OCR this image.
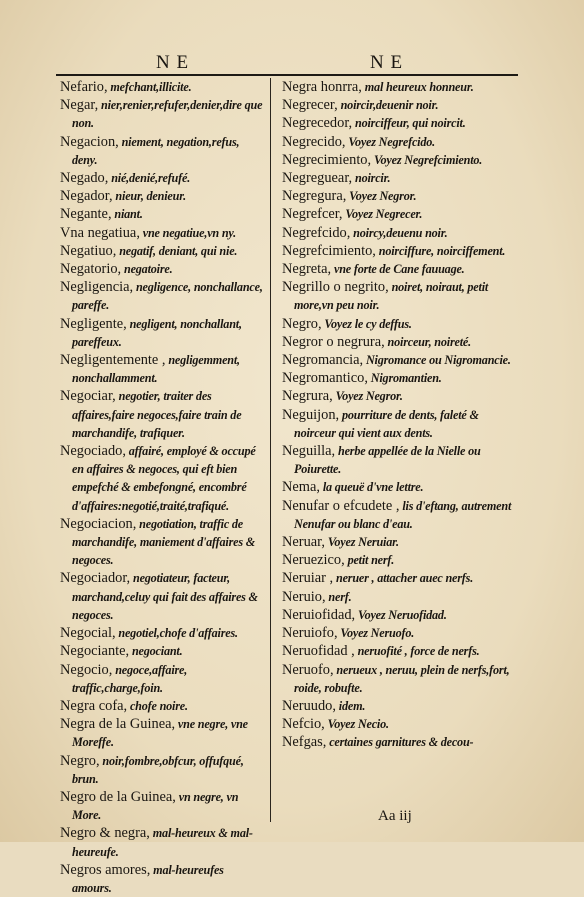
N E	N E

Nefario, mefchant,illicite.

Negar, nier,renier,refufer,denier,dire que non.

Negacion, niement, negation,refus, deny.

Negado, nié,denié,refufé.

Negador, nieur, denieur.

Negante, niant.

Vna negatiua, vne negatiue,vn ny.

Negatiuo, negatif, deniant, qui nie.

Negatorio, negatoire.

Negligencia, negligence, nonchallance, pareffe.

Negligente, negligent, nonchallant, pareffeux.

Negligentemente , negligemment, nonchallamment.

Negociar, negotier, traiter des affaires,faire negoces,faire train de marchandife, trafiquer.

Negociado, affairé, employé & occupé en affaires & negoces, qui eft bien empefché & embefongné, encombré d'affaires:negotié,traité,trafiqué.

Negociacion, negotiation, traffic de marchandife, maniement d'affaires & negoces.

Negociador, negotiateur, facteur, marchand,celuy qui fait des affaires & negoces.

Negocial, negotiel,chofe d'affaires.

Negociante, negociant.

Negocio, negoce,affaire, traffic,charge,foin.

Negra cofa, chofe noire.

Negra de la Guinea, vne negre, vne Moreffe.

Negro, noir,fombre,obfcur, offufqué, brun.

Negro de la Guinea, vn negre, vn More.

Negro & negra, mal-heureux & mal-heureufe.

Negros amores, mal-heureufes amours.

Negra honrra, mal heureux honneur.

Negrecer, noircir,deuenir noir.

Negrecedor, noirciffeur, qui noircit.

Negrecido, Voyez Negrefcido.

Negrecimiento, Voyez Negrefcimiento.

Negreguear, noircir.

Negregura, Voyez Negror.

Negrefcer, Voyez Negrecer.

Negrefcido, noircy,deuenu noir.

Negrefcimiento, noirciffure, noirciffement.

Negreta, vne forte de Cane fauuage.

Negrillo o negrito, noiret, noiraut, petit more,vn peu noir.

Negro, Voyez le cy deffus.

Negror o negrura, noirceur, noireté.

Negromancia, Nigromance ou Nigromancie.

Negromantico, Nigromantien.

Negrura, Voyez Negror.

Neguijon, pourriture de dents, faleté & noirceur qui vient aux dents.

Neguilla, herbe appellée de la Nielle ou Poiurette.

Nema, la queuë d'vne lettre.

Nenufar o efcudete , lis d'eftang, autrement Nenufar ou blanc d'eau.

Neruar, Voyez Neruiar.

Neruezico, petit nerf.

Neruiar , neruer , attacher auec nerfs.

Neruio, nerf.

Neruiofidad, Voyez Neruofidad.

Neruiofo, Voyez Neruofo.

Neruofidad , neruofité , force de nerfs.

Neruofo, nerueux , neruu, plein de nerfs,fort, roide, robufte.

Neruudo, idem.

Nefcio, Voyez Necio.

Nefgas, certaines garnitures & decou-

Aa iij
